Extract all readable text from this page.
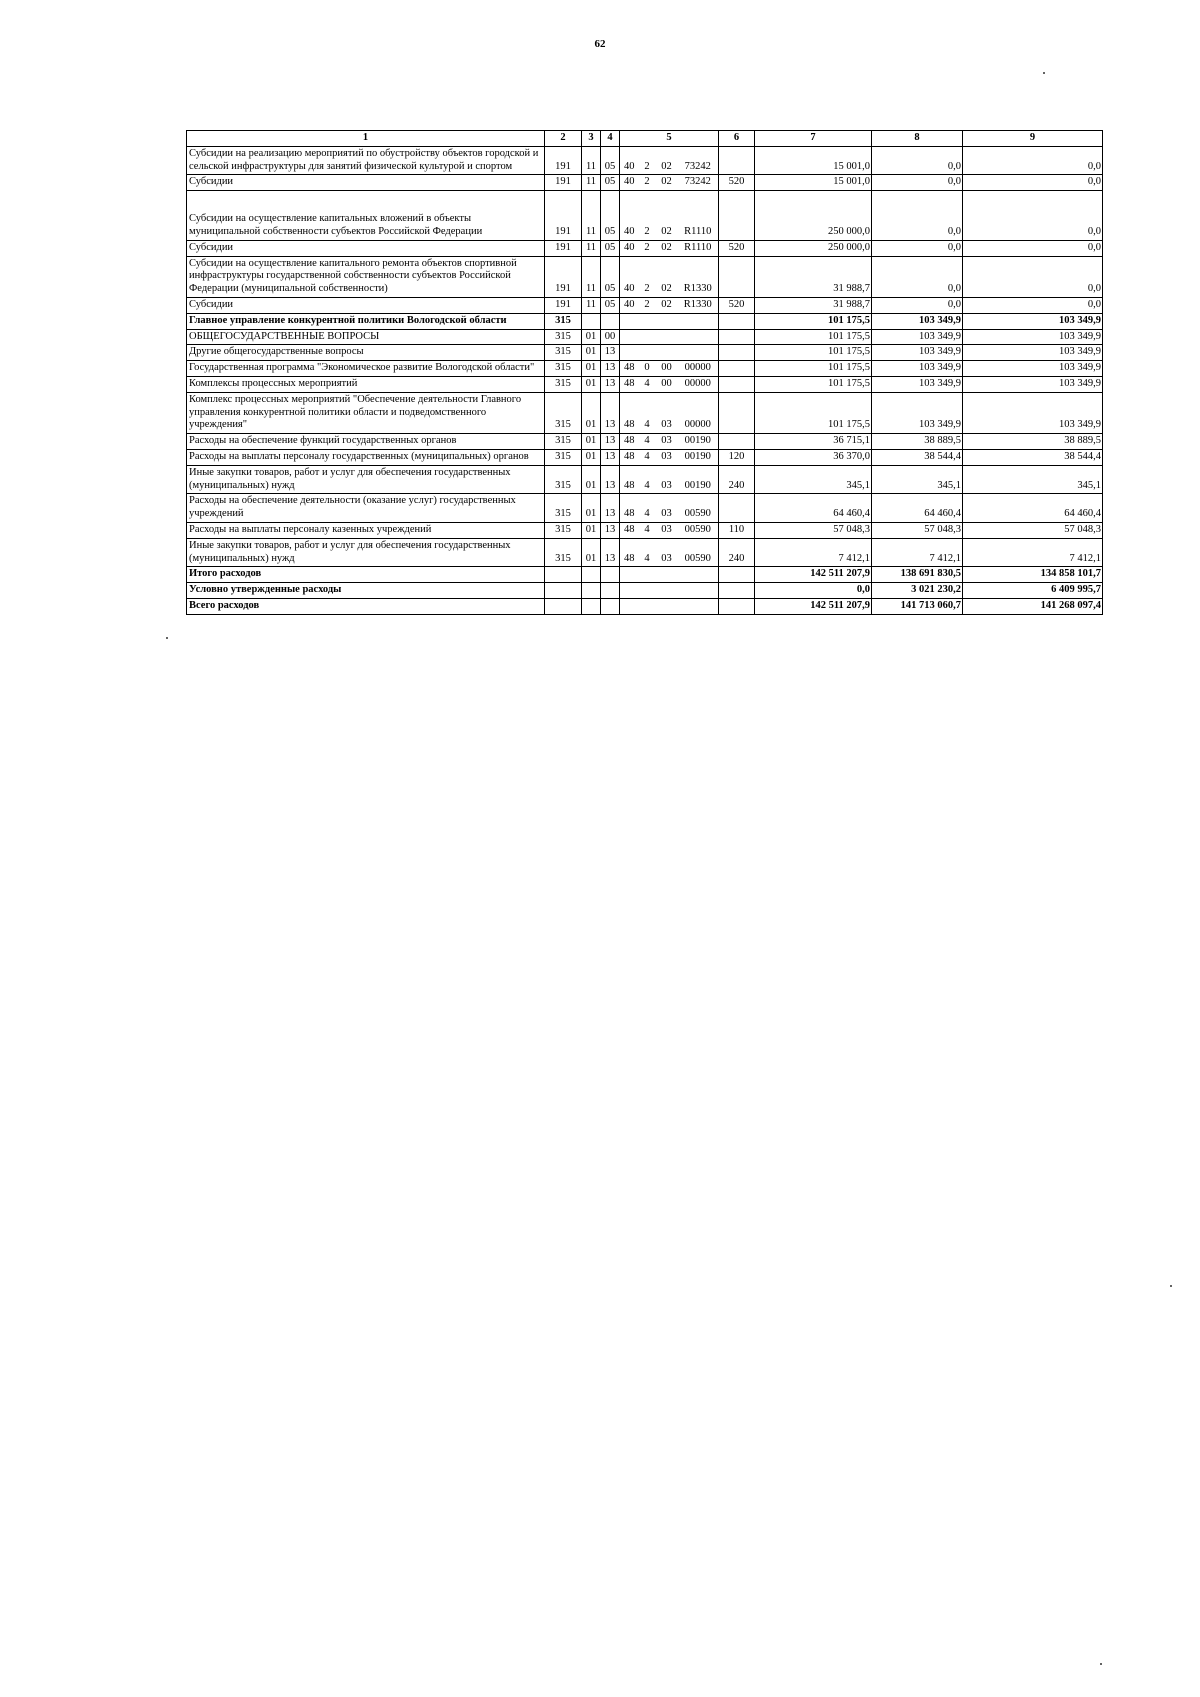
62
1	2	3	4	5				6	7	8	9
Субсидии на реализацию мероприятий по обустройству объектов городской и сельской инфраструктуры для занятий физической культурой и спортом	191	11	05	40	2	02	73242		15 001,0	0,0	0,0
Субсидии	191	11	05	40	2	02	73242	520	15 001,0	0,0	0,0
Субсидии на осуществление капитальных вложений в объекты муниципальной собственности субъектов Российской Федерации	191	11	05	40	2	02	R1110		250 000,0	0,0	0,0
Субсидии	191	11	05	40	2	02	R1110	520	250 000,0	0,0	0,0
Субсидии на осуществление капитального ремонта объектов спортивной инфраструктуры государственной собственности субъектов Российской Федерации (муниципальной собственности)	191	11	05	40	2	02	R1330		31 988,7	0,0	0,0
Субсидии	191	11	05	40	2	02	R1330	520	31 988,7	0,0	0,0
Главное управление конкурентной политики Вологодской области	315								101 175,5	103 349,9	103 349,9
ОБЩЕГОСУДАРСТВЕННЫЕ ВОПРОСЫ	315	01	00						101 175,5	103 349,9	103 349,9
Другие общегосударственные вопросы	315	01	13						101 175,5	103 349,9	103 349,9
Государственная программа "Экономическое развитие Вологодской области"	315	01	13	48	0	00	00000		101 175,5	103 349,9	103 349,9
Комплексы процессных мероприятий	315	01	13	48	4	00	00000		101 175,5	103 349,9	103 349,9
Комплекс процессных мероприятий "Обеспечение деятельности Главного управления конкурентной политики области и подведомственного учреждения"	315	01	13	48	4	03	00000		101 175,5	103 349,9	103 349,9
Расходы на обеспечение функций государственных органов	315	01	13	48	4	03	00190		36 715,1	38 889,5	38 889,5
Расходы на выплаты персоналу государственных (муниципальных) органов	315	01	13	48	4	03	00190	120	36 370,0	38 544,4	38 544,4
Иные закупки товаров, работ и услуг для обеспечения государственных (муниципальных) нужд	315	01	13	48	4	03	00190	240	345,1	345,1	345,1
Расходы на обеспечение деятельности (оказание услуг) государственных учреждений	315	01	13	48	4	03	00590		64 460,4	64 460,4	64 460,4
Расходы на выплаты персоналу казенных учреждений	315	01	13	48	4	03	00590	110	57 048,3	57 048,3	57 048,3
Иные закупки товаров, работ и услуг для обеспечения государственных (муниципальных) нужд	315	01	13	48	4	03	00590	240	7 412,1	7 412,1	7 412,1
Итого расходов									142 511 207,9	138 691 830,5	134 858 101,7
Условно утвержденные расходы									0,0	3 021 230,2	6 409 995,7
Всего расходов									142 511 207,9	141 713 060,7	141 268 097,4
